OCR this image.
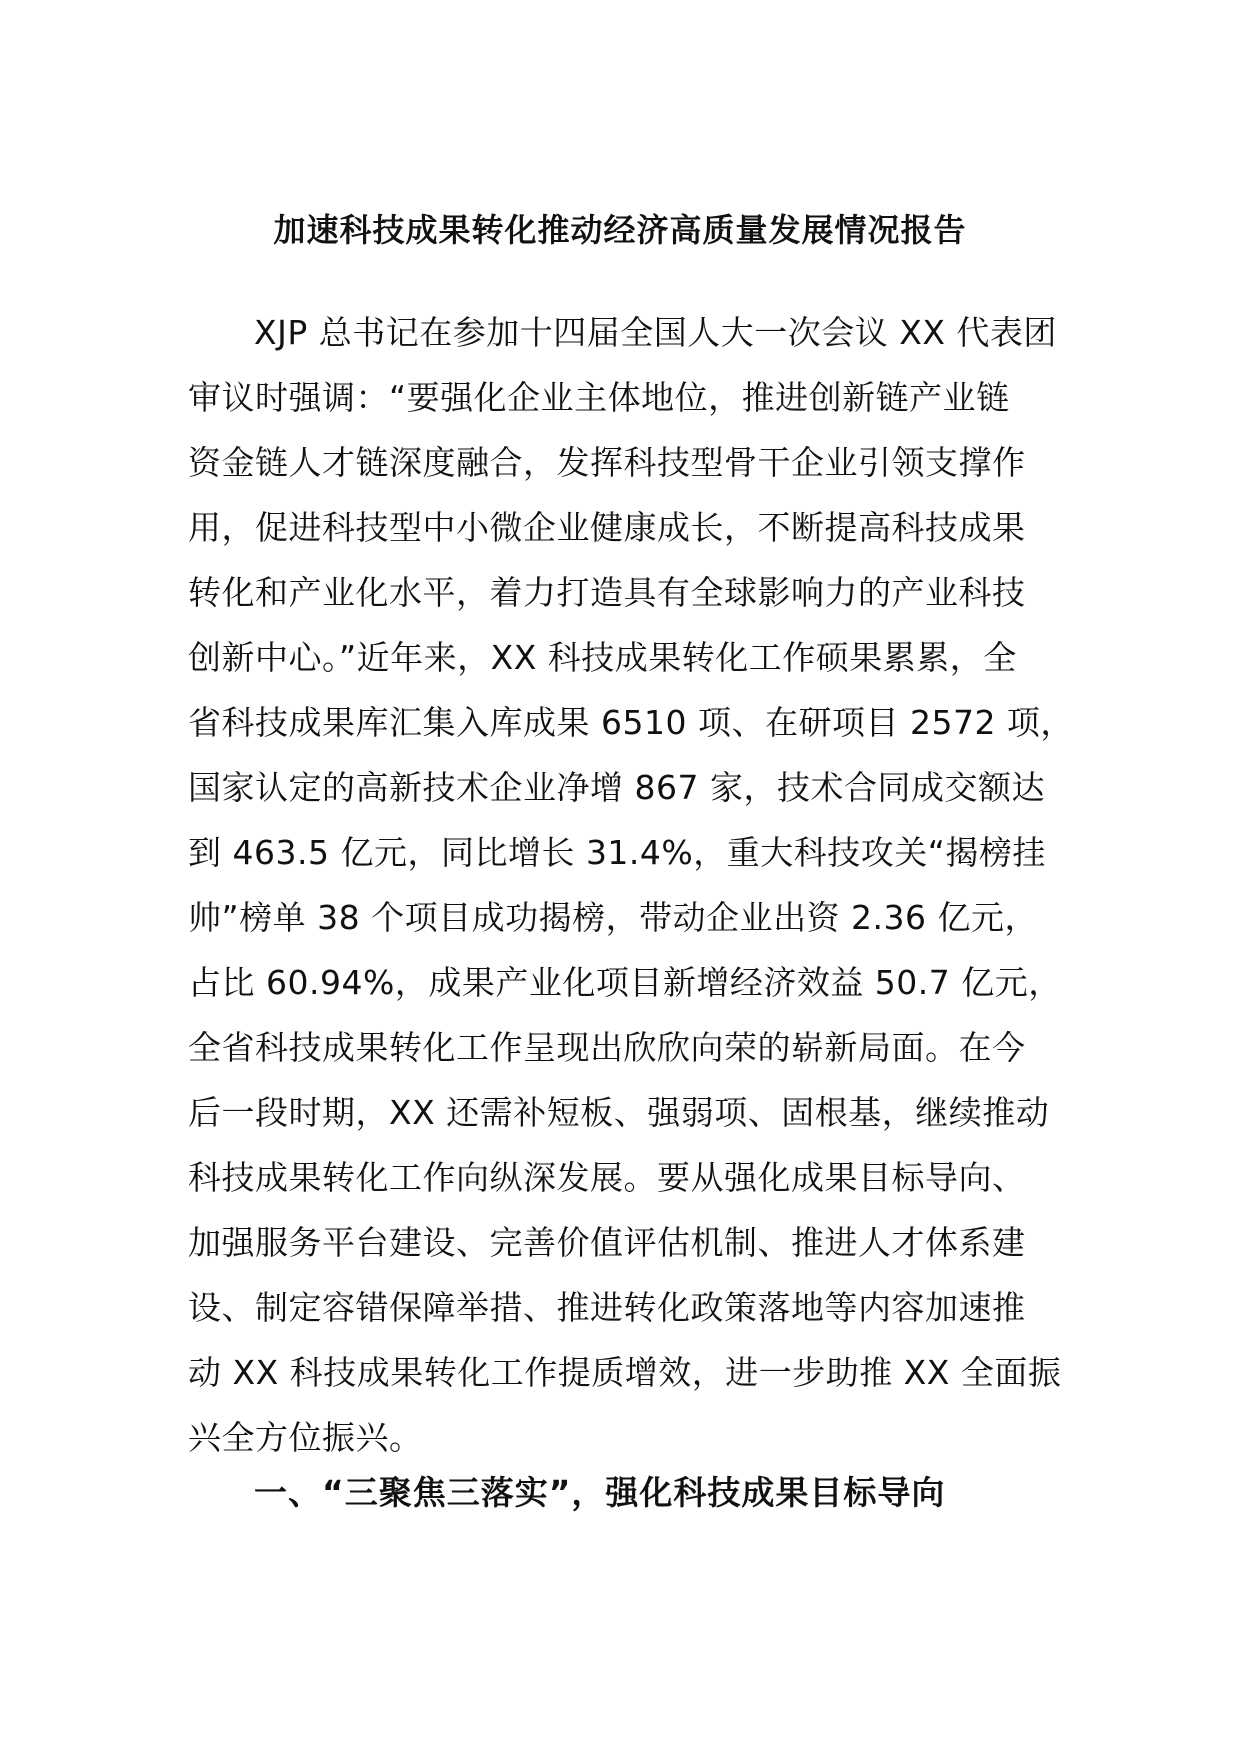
加速科技成果转化推动经济高质量发展情况报告
XJP 总书记在参加十四届全国人大一次会议 XX 代表团
审议时强调：“要强化企业主体地位，推进创新链产业链
资金链人才链深度融合，发挥科技型骨干企业引领支撑作
用，促进科技型中小微企业健康成长，不断提高科技成果
转化和产业化水平，着力打造具有全球影响力的产业科技
创新中心。”近年来，XX 科技成果转化工作硕果累累，全
省科技成果库汇集入库成果 6510 项、在研项目 2572 项，
国家认定的高新技术企业净增 867 家，技术合同成交额达
到 463.5 亿元，同比增长 31.4%，重大科技攻关“揭榜挂
帅”榜单 38 个项目成功揭榜，带动企业出资 2.36 亿元，
占比 60.94%，成果产业化项目新增经济效益 50.7 亿元，
全省科技成果转化工作呈现出欣欣向荣的崭新局面。在今
后一段时期，XX 还需补短板、强弱项、固根基，继续推动
科技成果转化工作向纵深发展。要从强化成果目标导向、
加强服务平台建设、完善价值评估机制、推进人才体系建
设、制定容错保障举措、推进转化政策落地等内容加速推
动 XX 科技成果转化工作提质增效，进一步助推 XX 全面振
兴全方位振兴。
一、“三聚焦三落实”，强化科技成果目标导向
